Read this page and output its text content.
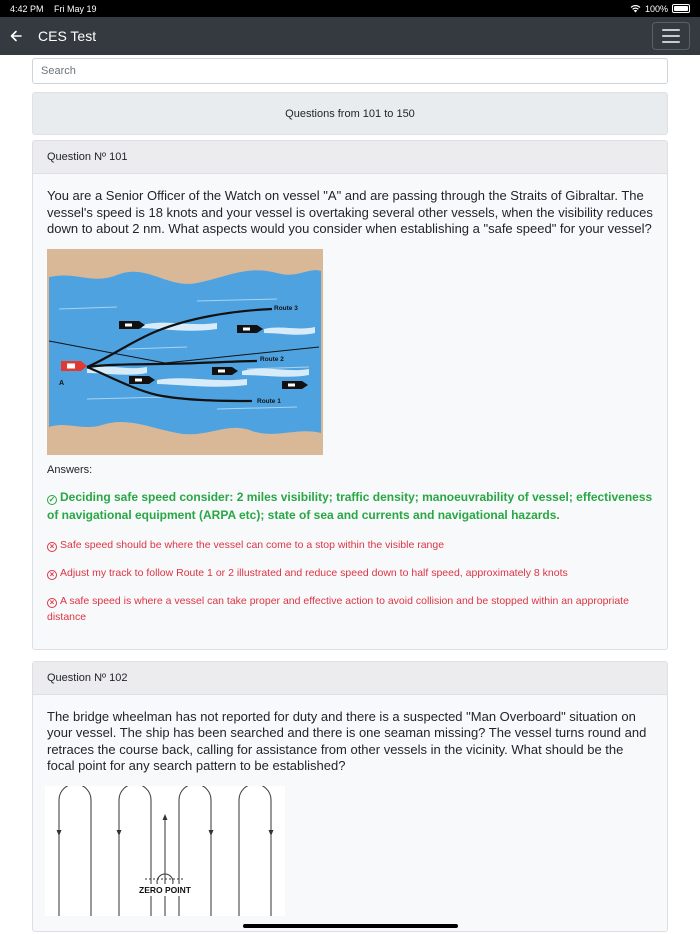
4:42 PM Fri May 19	100%
CES Test
Search
Questions from 101 to 150
Question Nº 101
You are a Senior Officer of the Watch on vessel "A" and are passing through the Straits of Gibraltar. The vessel's speed is 18 knots and your vessel is overtaking several other vessels, when the visibility reduces down to about 2 nm. What aspects would you consider when establishing a "safe speed" for your vessel?
Route 3
Route 2
Route 1
A
Answers:
✓ Deciding safe speed consider: 2 miles visibility; traffic density; manoeuvrability of vessel; effectiveness of navigational equipment (ARPA etc); state of sea and currents and navigational hazards.
× Safe speed should be where the vessel can come to a stop within the visible range
× Adjust my track to follow Route 1 or 2 illustrated and reduce speed down to half speed, approximately 8 knots
× A safe speed is where a vessel can take proper and effective action to avoid collision and be stopped within an appropriate distance
Question Nº 102
The bridge wheelman has not reported for duty and there is a suspected "Man Overboard" situation on your vessel. The ship has been searched and there is one seaman missing? The vessel turns round and retraces the course back, calling for assistance from other vessels in the vicinity. What should be the focal point for any search pattern to be established?
ZERO POINT
